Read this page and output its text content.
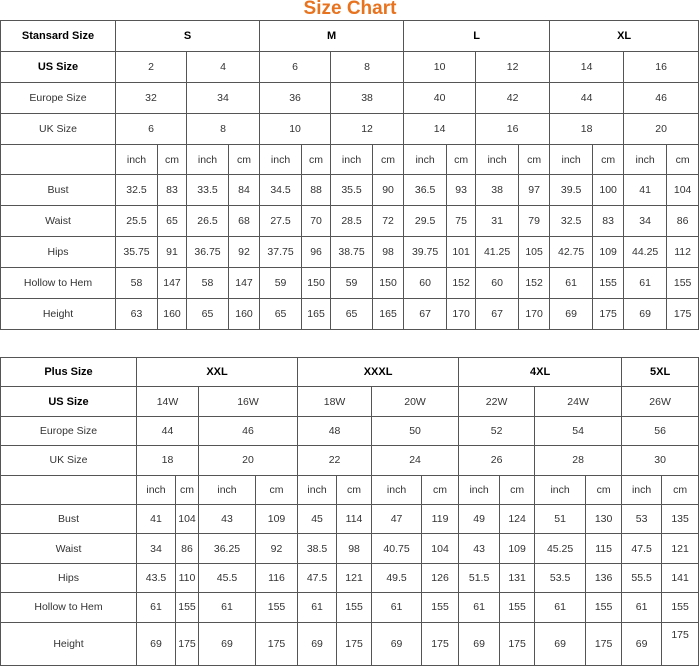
Size Chart
Stansard Size	S				M				L				XL			
US Size	2		4		6		8		10		12		14		16	
Europe Size	32		34		36		38		40		42		44		46	
UK Size	6		8		10		12		14		16		18		20	
	inch	cm	inch	cm	inch	cm	inch	cm	inch	cm	inch	cm	inch	cm	inch	cm
Bust	32.5	83	33.5	84	34.5	88	35.5	90	36.5	93	38	97	39.5	100	41	104
Waist	25.5	65	26.5	68	27.5	70	28.5	72	29.5	75	31	79	32.5	83	34	86
Hips	35.75	91	36.75	92	37.75	96	38.75	98	39.75	101	41.25	105	42.75	109	44.25	112
Hollow to Hem	58	147	58	147	59	150	59	150	60	152	60	152	61	155	61	155
Height	63	160	65	160	65	165	65	165	67	170	67	170	69	175	69	175
Plus Size	XXL				XXXL				4XL				5XL	
US Size	14W		16W		18W		20W		22W		24W		26W	
Europe Size	44		46		48		50		52		54		56	
UK Size	18		20		22		24		26		28		30	
	inch	cm	inch	cm	inch	cm	inch	cm	inch	cm	inch	cm	inch	cm
Bust	41	104	43	109	45	114	47	119	49	124	51	130	53	135
Waist	34	86	36.25	92	38.5	98	40.75	104	43	109	45.25	115	47.5	121
Hips	43.5	110	45.5	116	47.5	121	49.5	126	51.5	131	53.5	136	55.5	141
Hollow to Hem	61	155	61	155	61	155	61	155	61	155	61	155	61	155
Height	69	175	69	175	69	175	69	175	69	175	69	175	69	175
